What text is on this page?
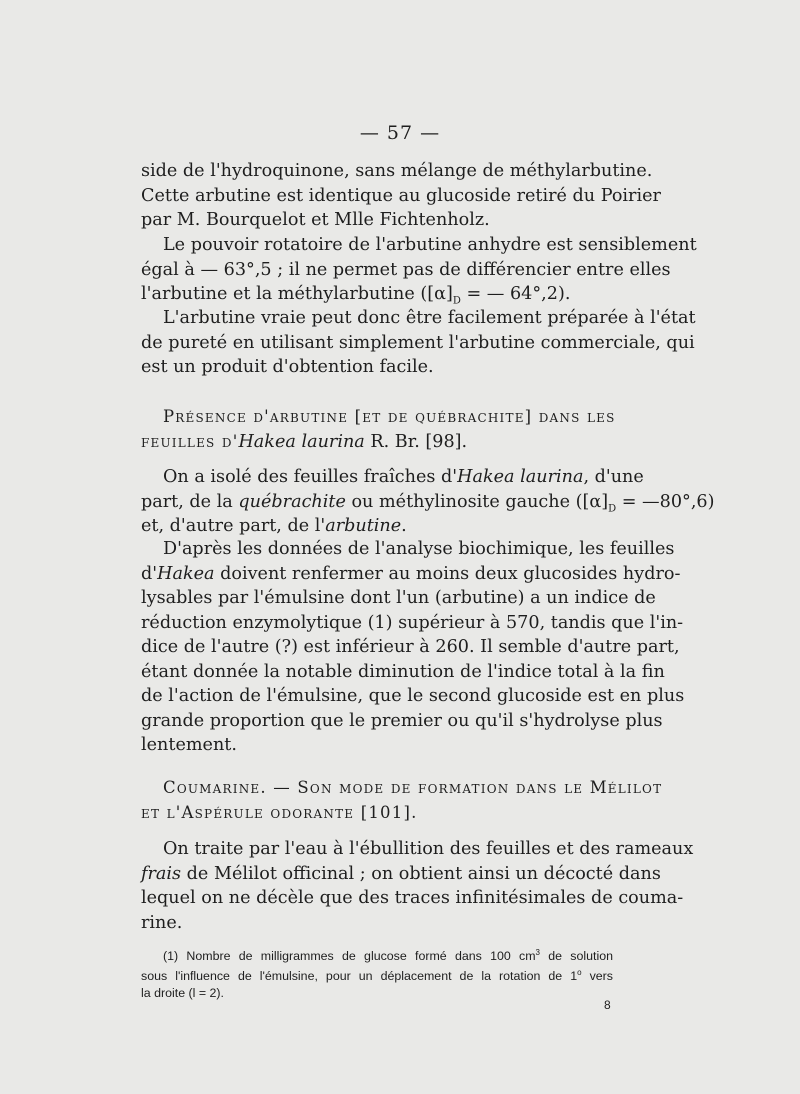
— 57 —
side de l'hydroquinone, sans mélange de méthylarbutine.
Cette arbutine est identique au glucoside retiré du Poirier
par M. Bourquelot et Mlle Fichtenholz.
Le pouvoir rotatoire de l'arbutine anhydre est sensiblement
égal à — 63°,5 ; il ne permet pas de différencier entre elles
l'arbutine et la méthylarbutine ($[\alpha]_D$ = — 64°,2).
L'arbutine vraie peut donc être facilement préparée à l'état
de pureté en utilisant simplement l'arbutine commerciale, qui
est un produit d'obtention facile.
Présence d'arbutine [et de québrachite] dans les
feuilles d'Hakea laurina R. Br. [98].
On a isolé des feuilles fraîches d'Hakea laurina, d'une
part, de la québrachite ou méthylinosite gauche ($[\alpha]_D$ = —80°,6)
et, d'autre part, de l'arbutine.
D'après les données de l'analyse biochimique, les feuilles
d'Hakea doivent renfermer au moins deux glucosides hydro-
lysables par l'émulsine dont l'un (arbutine) a un indice de
réduction enzymolytique (1) supérieur à 570, tandis que l'in-
dice de l'autre (?) est inférieur à 260. Il semble d'autre part,
étant donnée la notable diminution de l'indice total à la fin
de l'action de l'émulsine, que le second glucoside est en plus
grande proportion que le premier ou qu'il s'hydrolyse plus
lentement.
Coumarine. — Son mode de formation dans le Mélilot
et l'Aspérule odorante [101].
On traite par l'eau à l'ébullition des feuilles et des rameaux
frais de Mélilot officinal ; on obtient ainsi un décocté dans
lequel on ne décèle que des traces infinitésimales de couma-
rine.
(1) Nombre de milligrammes de glucose formé dans 100 $cm^3$ de solution
sous l'influence de l'émulsine, pour un déplacement de la rotation de 1$^o$ vers
la droite (l = 2).
8
